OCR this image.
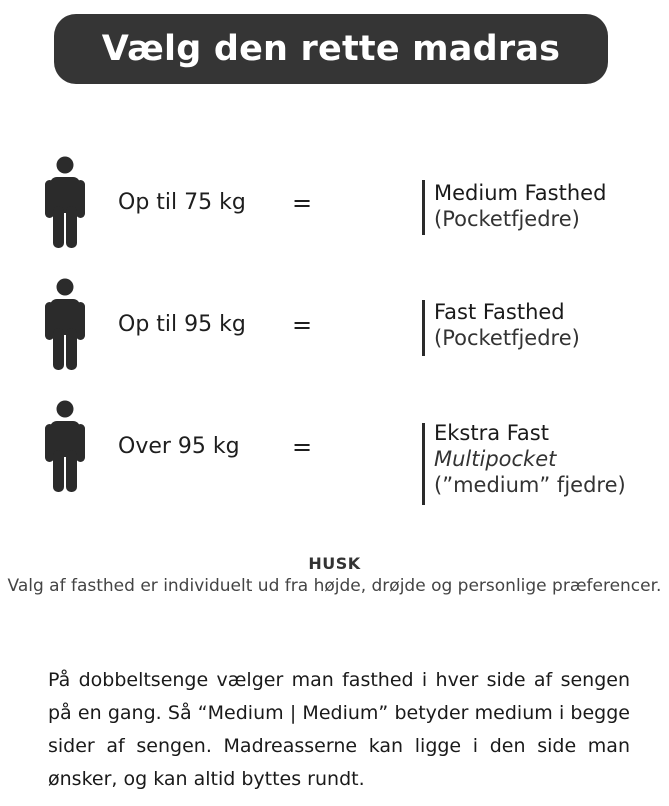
Vælg den rette madras
Op til 75 kg =	Medium Fasthed
(Pocketfjedre)
Op til 95 kg =	Fast Fasthed
(Pocketfjedre)
Over 95 kg =	Ekstra Fast
Multipocket
(”medium” fjedre)
HUSK
Valg af fasthed er individuelt ud fra højde, drøjde og personlige præferencer.
På dobbeltsenge vælger man fasthed i hver side af sengen på en gang. Så “Medium | Medium” betyder medium i begge sider af sengen. Madreasserne kan ligge i den side man ønsker, og kan altid byttes rundt.
